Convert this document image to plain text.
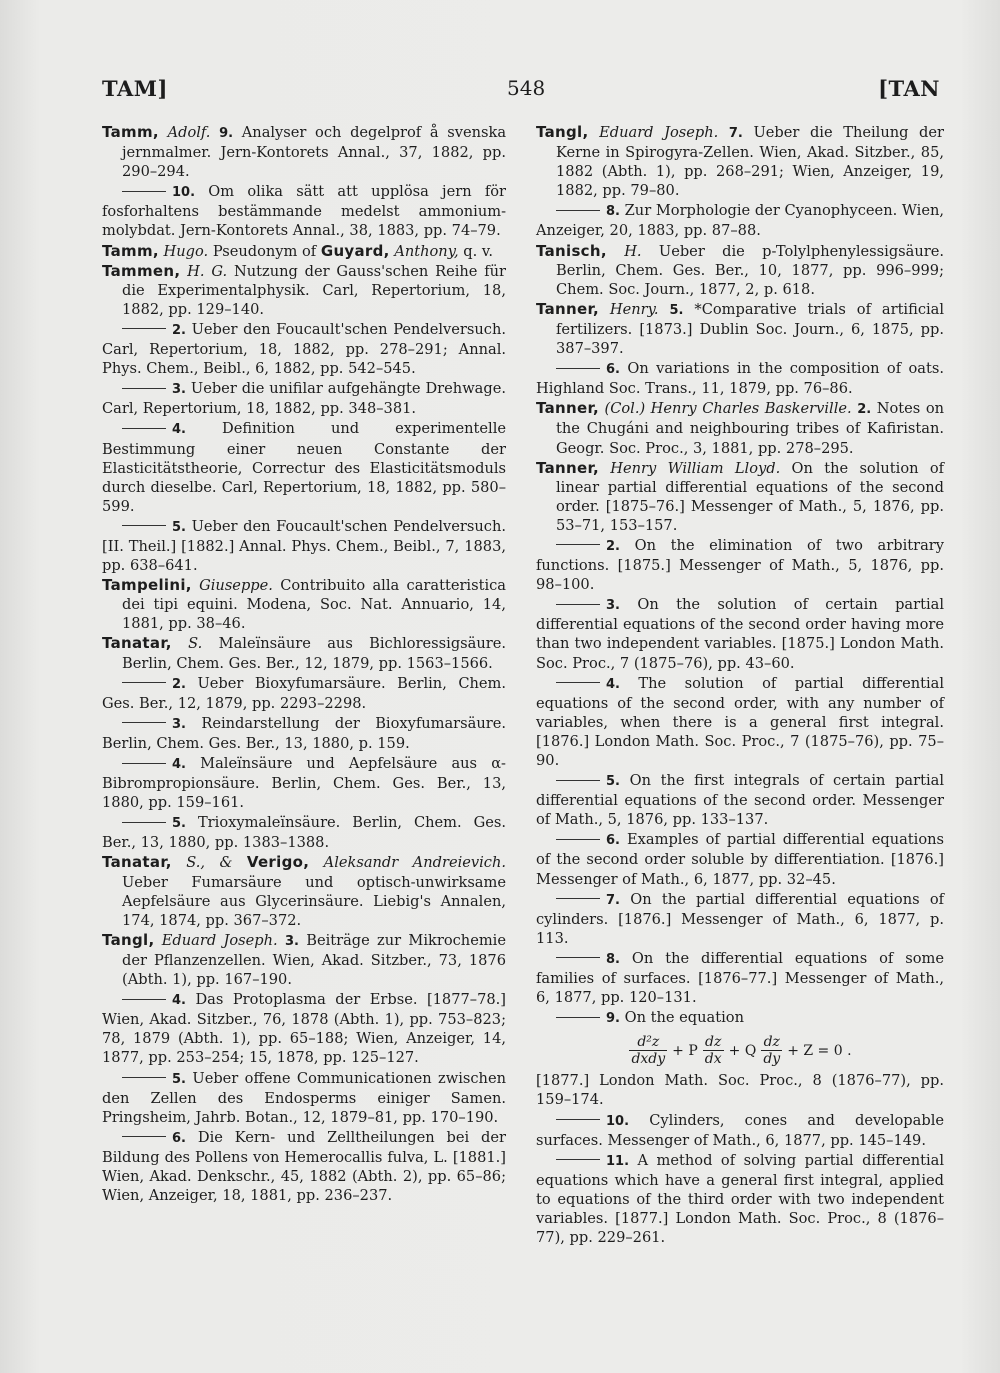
TAM]	548	[TAN
Tamm, Adolf. 9. Analyser och degelprof å svenska jernmalmer. Jern-Kontorets Annal., 37, 1882, pp. 290–294.
10. Om olika sätt att upplösa jern för fosforhaltens bestämmande medelst ammonium-molybdat. Jern-Kontorets Annal., 38, 1883, pp. 74–79.
Tamm, Hugo. Pseudonym of Guyard, Anthony, q. v.
Tammen, H. G. Nutzung der Gauss'schen Reihe für die Experimentalphysik. Carl, Repertorium, 18, 1882, pp. 129–140.
2. Ueber den Foucault'schen Pendelversuch. Carl, Repertorium, 18, 1882, pp. 278–291; Annal. Phys. Chem., Beibl., 6, 1882, pp. 542–545.
3. Ueber die unifilar aufgehängte Drehwage. Carl, Repertorium, 18, 1882, pp. 348–381.
4. Definition und experimentelle Bestimmung einer neuen Constante der Elasticitätstheorie, Correctur des Elasticitätsmoduls durch dieselbe. Carl, Repertorium, 18, 1882, pp. 580–599.
5. Ueber den Foucault'schen Pendelversuch. [II. Theil.] [1882.] Annal. Phys. Chem., Beibl., 7, 1883, pp. 638–641.
Tampelini, Giuseppe. Contribuito alla caratteristica dei tipi equini. Modena, Soc. Nat. Annuario, 14, 1881, pp. 38–46.
Tanatar, S. Maleïnsäure aus Bichloressigsäure. Berlin, Chem. Ges. Ber., 12, 1879, pp. 1563–1566.
2. Ueber Bioxyfumarsäure. Berlin, Chem. Ges. Ber., 12, 1879, pp. 2293–2298.
3. Reindarstellung der Bioxyfumarsäure. Berlin, Chem. Ges. Ber., 13, 1880, p. 159.
4. Maleïnsäure und Aepfelsäure aus α-Bibrompropionsäure. Berlin, Chem. Ges. Ber., 13, 1880, pp. 159–161.
5. Trioxymaleïnsäure. Berlin, Chem. Ges. Ber., 13, 1880, pp. 1383–1388.
Tanatar, S., & Verigo, Aleksandr Andreievich. Ueber Fumarsäure und optisch-unwirksame Aepfelsäure aus Glycerinsäure. Liebig's Annalen, 174, 1874, pp. 367–372.
Tangl, Eduard Joseph. 3. Beiträge zur Mikrochemie der Pflanzenzellen. Wien, Akad. Sitzber., 73, 1876 (Abth. 1), pp. 167–190.
4. Das Protoplasma der Erbse. [1877–78.] Wien, Akad. Sitzber., 76, 1878 (Abth. 1), pp. 753–823; 78, 1879 (Abth. 1), pp. 65–188; Wien, Anzeiger, 14, 1877, pp. 253–254; 15, 1878, pp. 125–127.
5. Ueber offene Communicationen zwischen den Zellen des Endosperms einiger Samen. Pringsheim, Jahrb. Botan., 12, 1879–81, pp. 170–190.
6. Die Kern- und Zelltheilungen bei der Bildung des Pollens von Hemerocallis fulva, L. [1881.] Wien, Akad. Denkschr., 45, 1882 (Abth. 2), pp. 65–86; Wien, Anzeiger, 18, 1881, pp. 236–237.
Tangl, Eduard Joseph. 7. Ueber die Theilung der Kerne in Spirogyra-Zellen. Wien, Akad. Sitzber., 85, 1882 (Abth. 1), pp. 268–291; Wien, Anzeiger, 19, 1882, pp. 79–80.
8. Zur Morphologie der Cyanophyceen. Wien, Anzeiger, 20, 1883, pp. 87–88.
Tanisch, H. Ueber die p-Tolylphenylessigsäure. Berlin, Chem. Ges. Ber., 10, 1877, pp. 996–999; Chem. Soc. Journ., 1877, 2, p. 618.
Tanner, Henry. 5. *Comparative trials of artificial fertilizers. [1873.] Dublin Soc. Journ., 6, 1875, pp. 387–397.
6. On variations in the composition of oats. Highland Soc. Trans., 11, 1879, pp. 76–86.
Tanner, (Col.) Henry Charles Baskerville. 2. Notes on the Chugáni and neighbouring tribes of Kafiristan. Geogr. Soc. Proc., 3, 1881, pp. 278–295.
Tanner, Henry William Lloyd. On the solution of linear partial differential equations of the second order. [1875–76.] Messenger of Math., 5, 1876, pp. 53–71, 153–157.
2. On the elimination of two arbitrary functions. [1875.] Messenger of Math., 5, 1876, pp. 98–100.
3. On the solution of certain partial differential equations of the second order having more than two independent variables. [1875.] London Math. Soc. Proc., 7 (1875–76), pp. 43–60.
4. The solution of partial differential equations of the second order, with any number of variables, when there is a general first integral. [1876.] London Math. Soc. Proc., 7 (1875–76), pp. 75–90.
5. On the first integrals of certain partial differential equations of the second order. Messenger of Math., 5, 1876, pp. 133–137.
6. Examples of partial differential equations of the second order soluble by differentiation. [1876.] Messenger of Math., 6, 1877, pp. 32–45.
7. On the partial differential equations of cylinders. [1876.] Messenger of Math., 6, 1877, p. 113.
8. On the differential equations of some families of surfaces. [1876–77.] Messenger of Math., 6, 1877, pp. 120–131.
9. On the equation
$\frac{\text{d²z}}{\text{dxdy}} + P \frac{dz}{dx} + Q \frac{dz}{dy} + Z = 0$ .
[1877.] London Math. Soc. Proc., 8 (1876–77), pp. 159–174.
10. Cylinders, cones and developable surfaces. Messenger of Math., 6, 1877, pp. 145–149.
11. A method of solving partial differential equations which have a general first integral, applied to equations of the third order with two independent variables. [1877.] London Math. Soc. Proc., 8 (1876–77), pp. 229–261.
